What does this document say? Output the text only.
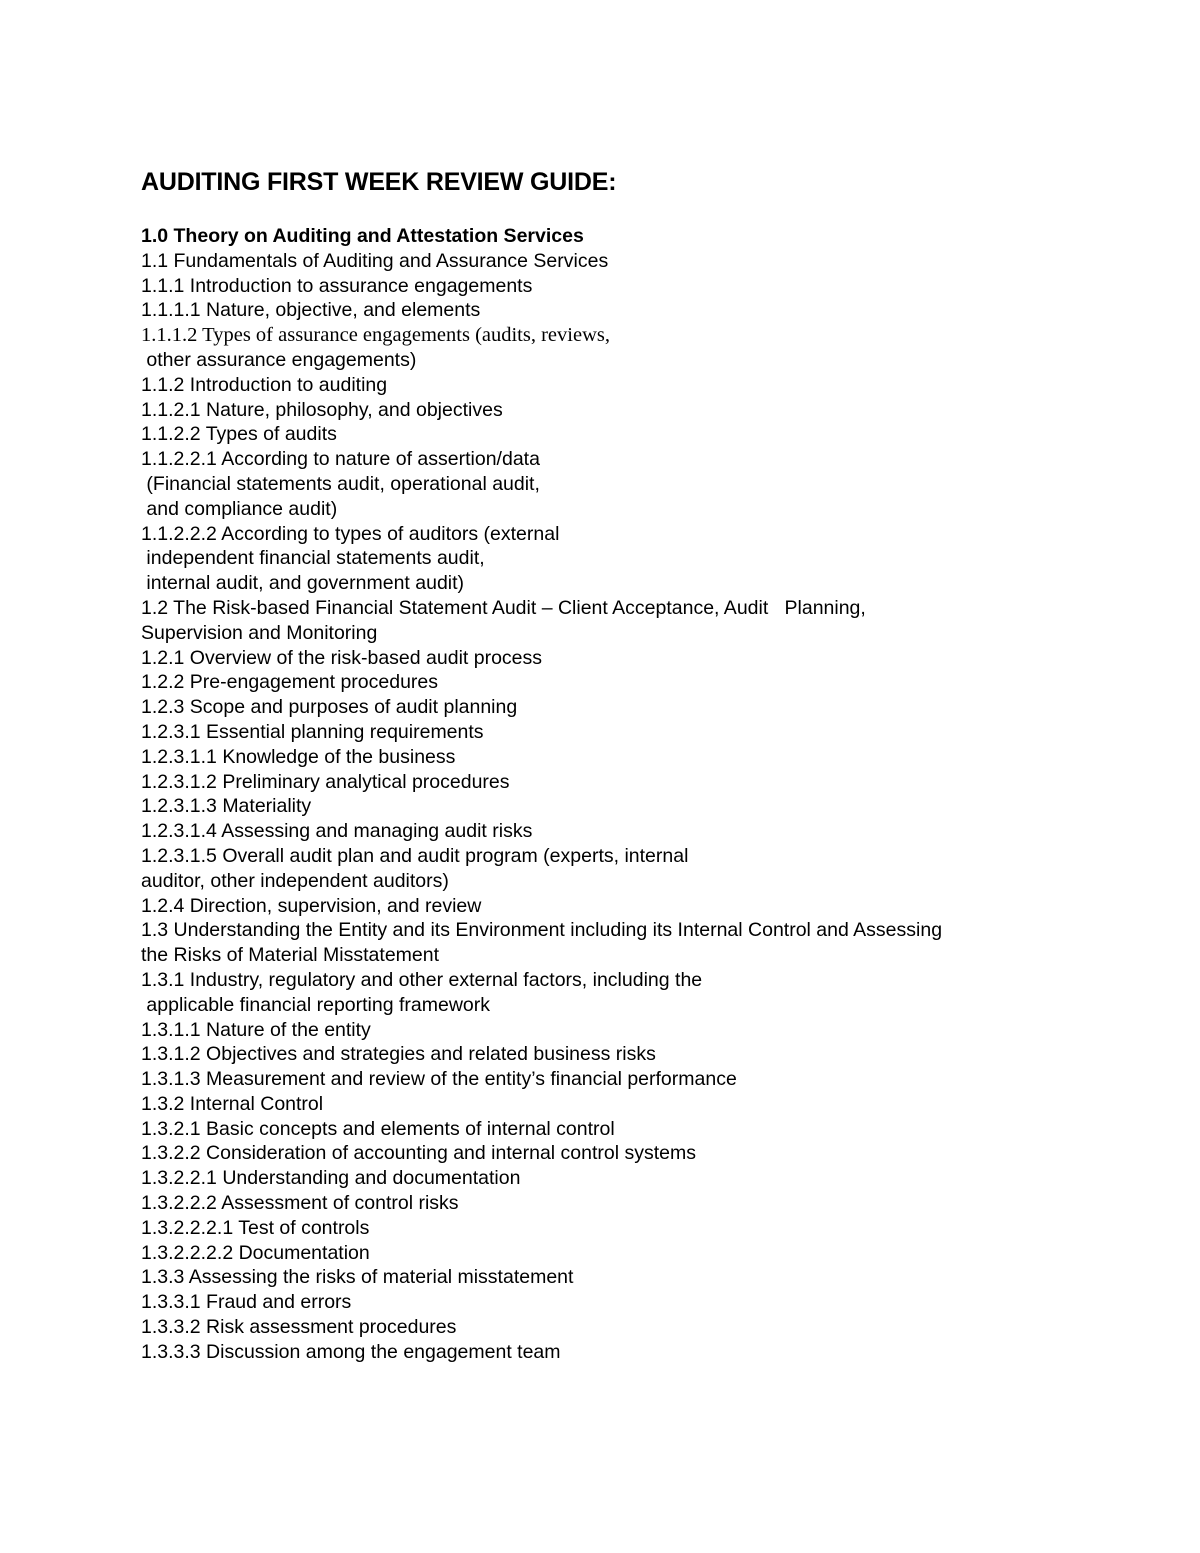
AUDITING FIRST WEEK REVIEW GUIDE:
1.0 Theory on Auditing and Attestation Services
1.1 Fundamentals of Auditing and Assurance Services
1.1.1 Introduction to assurance engagements
1.1.1.1 Nature, objective, and elements
1.1.1.2 Types of assurance engagements (audits, reviews,
other assurance engagements)
1.1.2 Introduction to auditing
1.1.2.1 Nature, philosophy, and objectives
1.1.2.2 Types of audits
1.1.2.2.1 According to nature of assertion/data
(Financial statements audit, operational audit,
and compliance audit)
1.1.2.2.2 According to types of auditors (external
independent financial statements audit,
internal audit, and government audit)
1.2 The Risk-based Financial Statement Audit – Client Acceptance, Audit   Planning,
Supervision and Monitoring
1.2.1 Overview of the risk-based audit process
1.2.2 Pre-engagement procedures
1.2.3 Scope and purposes of audit planning
1.2.3.1 Essential planning requirements
1.2.3.1.1 Knowledge of the business
1.2.3.1.2 Preliminary analytical procedures
1.2.3.1.3 Materiality
1.2.3.1.4 Assessing and managing audit risks
1.2.3.1.5 Overall audit plan and audit program (experts, internal
auditor, other independent auditors)
1.2.4 Direction, supervision, and review
1.3 Understanding the Entity and its Environment including its Internal Control and Assessing
the Risks of Material Misstatement
1.3.1 Industry, regulatory and other external factors, including the
applicable financial reporting framework
1.3.1.1 Nature of the entity
1.3.1.2 Objectives and strategies and related business risks
1.3.1.3 Measurement and review of the entity’s financial performance
1.3.2 Internal Control
1.3.2.1 Basic concepts and elements of internal control
1.3.2.2 Consideration of accounting and internal control systems
1.3.2.2.1 Understanding and documentation
1.3.2.2.2 Assessment of control risks
1.3.2.2.2.1 Test of controls
1.3.2.2.2.2 Documentation
1.3.3 Assessing the risks of material misstatement
1.3.3.1 Fraud and errors
1.3.3.2 Risk assessment procedures
1.3.3.3 Discussion among the engagement team
